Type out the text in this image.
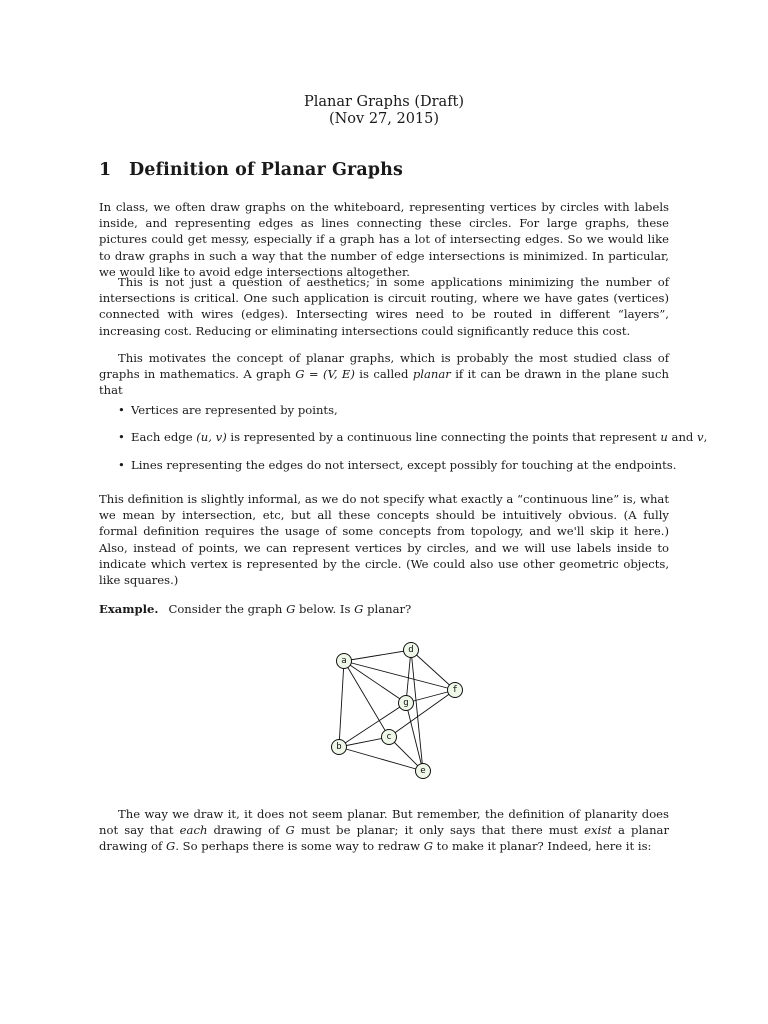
Planar Graphs (Draft)
(Nov 27, 2015)
1 Definition of Planar Graphs

In class, we often draw graphs on the whiteboard, representing vertices by circles with labels inside, and representing edges as lines connecting these circles. For large graphs, these pictures could get messy, especially if a graph has a lot of intersecting edges. So we would like to draw graphs in such a way that the number of edge intersections is minimized. In particular, we would like to avoid edge intersections altogether.

This is not just a question of aesthetics; in some applications minimizing the number of intersections is critical. One such application is circuit routing, where we have gates (vertices) connected with wires (edges). Intersecting wires need to be routed in different “layers”, increasing cost. Reducing or eliminating intersections could significantly reduce this cost.

This motivates the concept of planar graphs, which is probably the most studied class of graphs in mathematics. A graph G = (V, E) is called planar if it can be drawn in the plane such that

• Vertices are represented by points,
• Each edge (u, v) is represented by a continuous line connecting the points that represent u and v,
• Lines representing the edges do not intersect, except possibly for touching at the endpoints.

This definition is slightly informal, as we do not specify what exactly a “continuous line” is, what we mean by intersection, etc, but all these concepts should be intuitively obvious. (A fully formal definition requires the usage of some concepts from topology, and we'll skip it here.) Also, instead of points, we can represent vertices by circles, and we will use labels inside to indicate which vertex is represented by the circle. (We could also use other geometric objects, like squares.)

Example. Consider the graph G below. Is G planar?
a
b
c
d
e
f
g

The way we draw it, it does not seem planar. But remember, the definition of planarity does not say that each drawing of G must be planar; it only says that there must exist a planar drawing of G. So perhaps there is some way to redraw G to make it planar? Indeed, here it is:
